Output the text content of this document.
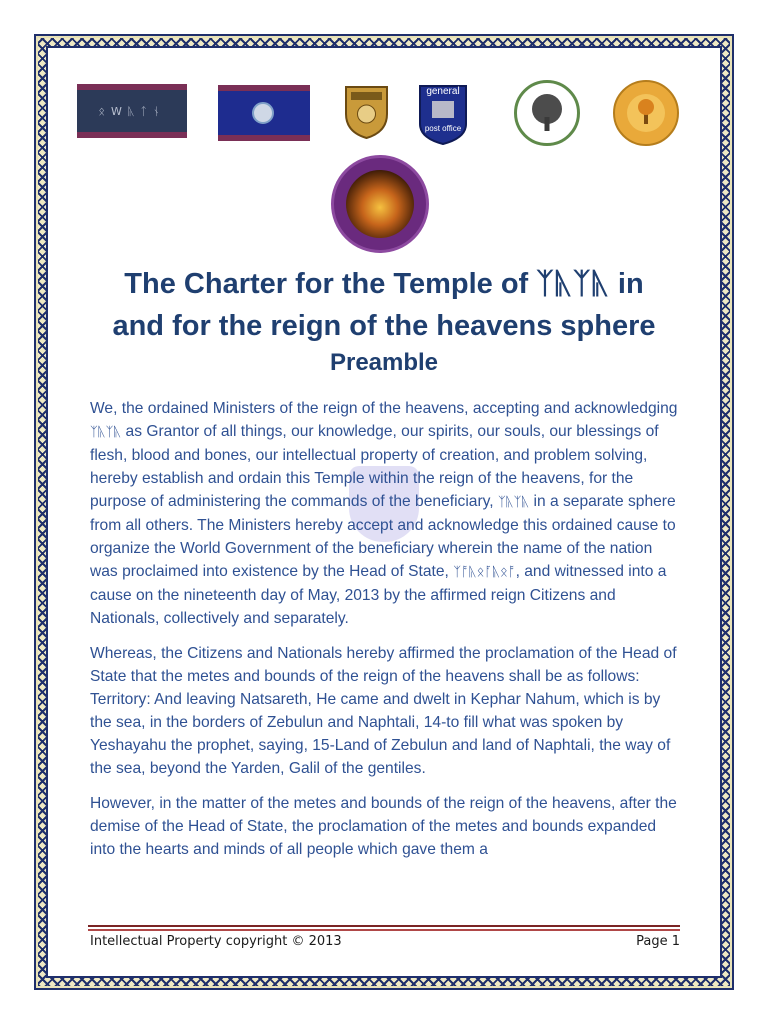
ᛟWᚣᛏᚾ
general
post office
The Charter for the Temple of ᛉᚣᛉᚣ in
and for the reign of the heavens sphere
Preamble

We, the ordained Ministers of the reign of the heavens, accepting and acknowledging ᛉᚣᛉᚣ as Grantor of all things, our knowledge, our spirits, our souls, our blessings of flesh, blood and bones, our intellectual property of creation, and problem solving, hereby establish and ordain this Temple within the reign of the heavens, for the purpose of administering the commands of the beneficiary, ᛉᚣᛉᚣ in a separate sphere from all others. The Ministers hereby accept and acknowledge this ordained cause to organize the World Government of the beneficiary wherein the name of the nation was proclaimed into existence by the Head of State, ᛉᚩᚣᛟᚪᚣᛟᚩ, and witnessed into a cause on the nineteenth day of May, 2013 by the affirmed reign Citizens and Nationals, collectively and separately.

Whereas, the Citizens and Nationals hereby affirmed the proclamation of the Head of State that the metes and bounds of the reign of the heavens shall be as follows: Territory: And leaving Natsareth, He came and dwelt in Kephar Nahum, which is by the sea, in the borders of Zebulun and Naphtali, 14-to fill what was spoken by Yeshayahu the prophet, saying, 15-Land of Zebulun and land of Naphtali, the way of the sea, beyond the Yarden, Galil of the gentiles.

However, in the matter of the metes and bounds of the reign of the heavens, after the demise of the Head of State, the proclamation of the metes and bounds expanded into the hearts and minds of all people which gave them a

Intellectual Property copyright © 2013	Page 1
